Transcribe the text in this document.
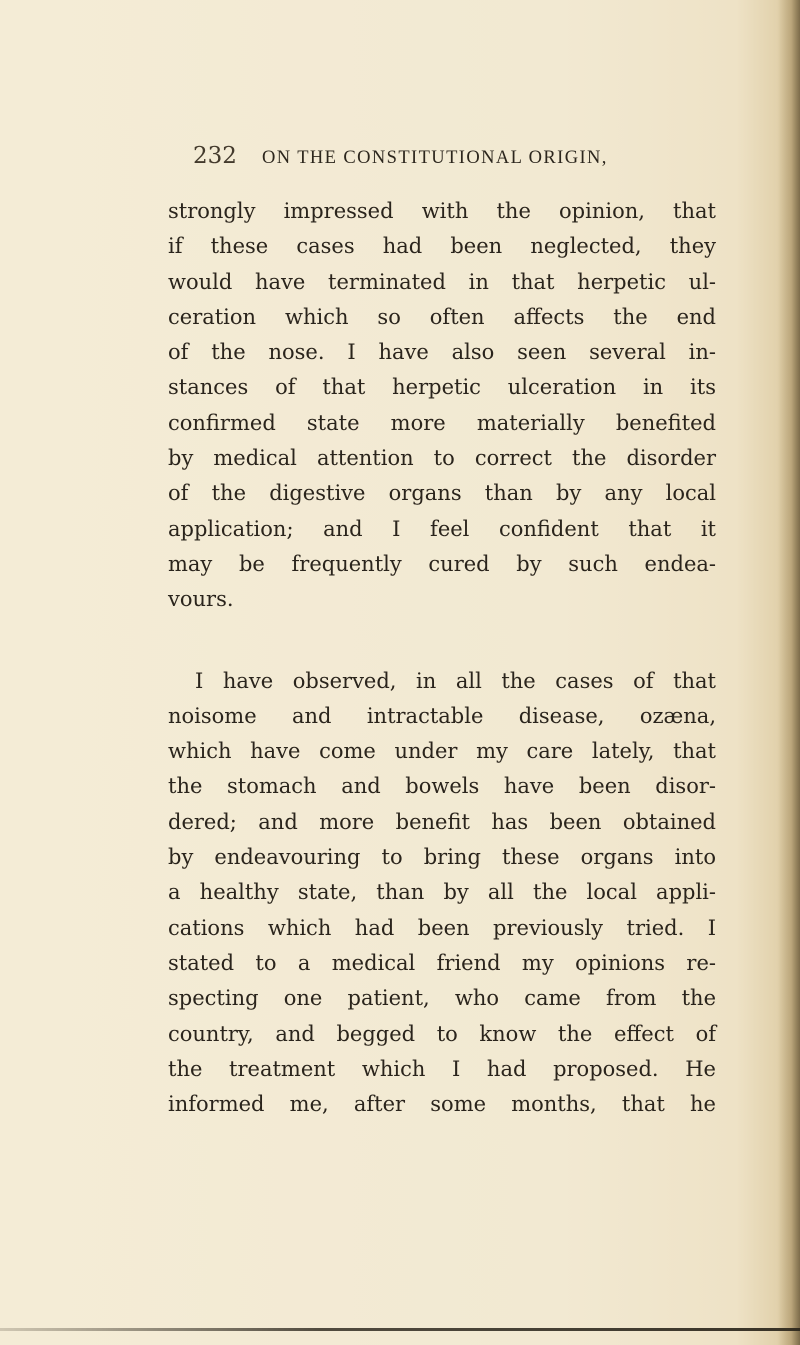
232 ON THE CONSTITUTIONAL ORIGIN,
strongly impressed with the opinion, that
if these cases had been neglected, they
would have terminated in that herpetic ul-
ceration which so often affects the end
of the nose. I have also seen several in-
stances of that herpetic ulceration in its
confirmed state more materially benefited
by medical attention to correct the disorder
of the digestive organs than by any local
application; and I feel confident that it
may be frequently cured by such endea-
vours.
I have observed, in all the cases of that
noisome and intractable disease, ozæna,
which have come under my care lately, that
the stomach and bowels have been disor-
dered; and more benefit has been obtained
by endeavouring to bring these organs into
a healthy state, than by all the local appli-
cations which had been previously tried. I
stated to a medical friend my opinions re-
specting one patient, who came from the
country, and begged to know the effect of
the treatment which I had proposed. He
informed me, after some months, that he
